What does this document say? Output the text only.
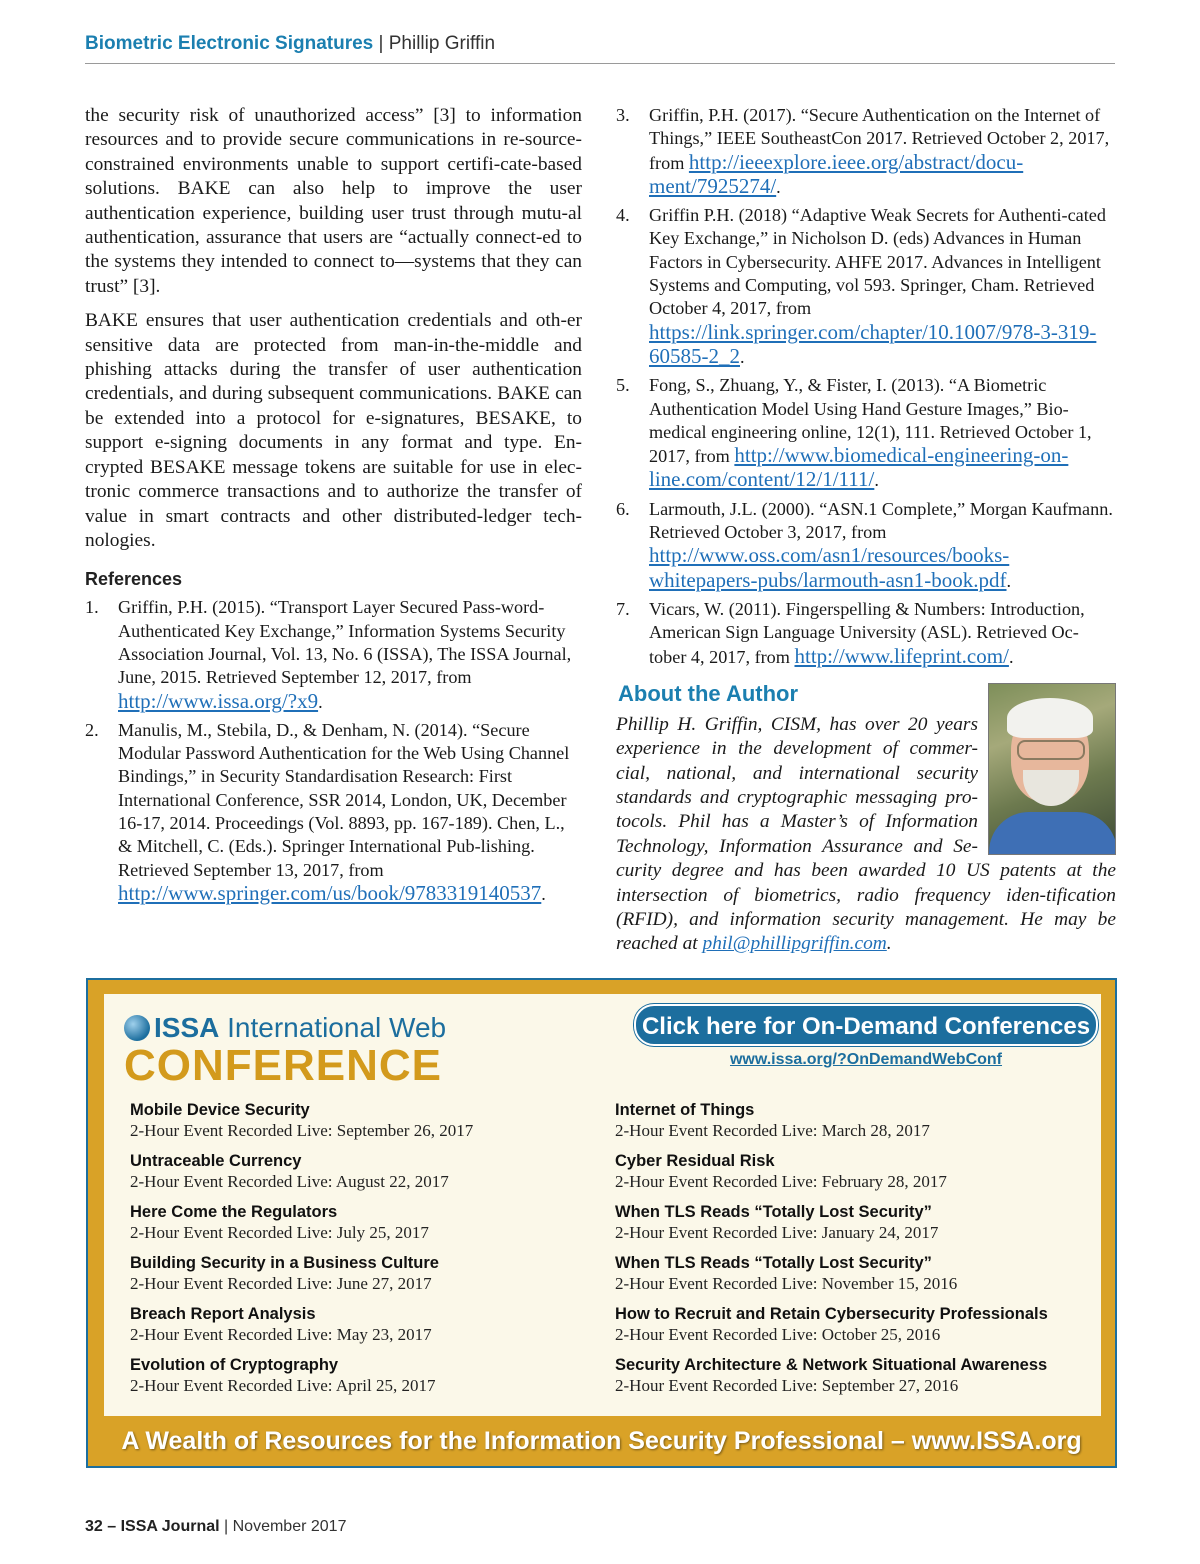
Biometric Electronic Signatures | Phillip Griffin

the security risk of unauthorized access” [3] to information resources and to provide secure communications in re-source-constrained environments unable to support certifi-cate-based solutions. BAKE can also help to improve the user authentication experience, building user trust through mutu-al authentication, assurance that users are “actually connect-ed to the systems they intended to connect to—systems that they can trust” [3].

BAKE ensures that user authentication credentials and oth-er sensitive data are protected from man-in-the-middle and phishing attacks during the transfer of user authentication credentials, and during subsequent communications. BAKE can be extended into a protocol for e-signatures, BESAKE, to support e-signing documents in any format and type. En-crypted BESAKE message tokens are suitable for use in elec-tronic commerce transactions and to authorize the transfer of value in smart contracts and other distributed-ledger tech-nologies.

References
1. Griffin, P.H. (2015). “Transport Layer Secured Pass-word-Authenticated Key Exchange,” Information Systems Security Association Journal, Vol. 13, No. 6 (ISSA), The ISSA Journal, June, 2015. Retrieved September 12, 2017, from http://www.issa.org/?x9.
2. Manulis, M., Stebila, D., & Denham, N. (2014). “Secure Modular Password Authentication for the Web Using Channel Bindings,” in Security Standardisation Research: First International Conference, SSR 2014, London, UK, December 16-17, 2014. Proceedings (Vol. 8893, pp. 167-189). Chen, L., & Mitchell, C. (Eds.). Springer International Pub-lishing. Retrieved September 13, 2017, from http://www.springer.com/us/book/9783319140537.
3. Griffin, P.H. (2017). “Secure Authentication on the Internet of Things,” IEEE SoutheastCon 2017. Retrieved October 2, 2017, from http://ieeexplore.ieee.org/abstract/docu-ment/7925274/.
4. Griffin P.H. (2018) “Adaptive Weak Secrets for Authenti-cated Key Exchange,” in Nicholson D. (eds) Advances in Human Factors in Cybersecurity. AHFE 2017. Advances in Intelligent Systems and Computing, vol 593. Springer, Cham. Retrieved October 4, 2017, from https://link.springer.com/chapter/10.1007/978-3-319-60585-2_2.
5. Fong, S., Zhuang, Y., & Fister, I. (2013). “A Biometric Authentication Model Using Hand Gesture Images,” Bio-medical engineering online, 12(1), 111. Retrieved October 1, 2017, from http://www.biomedical-engineering-on-line.com/content/12/1/111/.
6. Larmouth, J.L. (2000). “ASN.1 Complete,” Morgan Kaufmann. Retrieved October 3, 2017, from http://www.oss.com/asn1/resources/books-whitepapers-pubs/larmouth-asn1-book.pdf.
7. Vicars, W. (2011). Fingerspelling & Numbers: Introduction, American Sign Language University (ASL). Retrieved Oc-tober 4, 2017, from http://www.lifeprint.com/.
About the Author

Phillip H. Griffin, CISM, has over 20 years experience in the development of commer-cial, national, and international security standards and cryptographic messaging pro-tocols. Phil has a Master’s of Information Technology, Information Assurance and Se-curity degree and has been awarded 10 US patents at the intersection of biometrics, radio frequency iden-tification (RFID), and information security management. He may be reached at phil@phillipgriffin.com.

ISSA International Web
CONFERENCE
Click here for On-Demand Conferences
www.issa.org/?OnDemandWebConf
Mobile Device Security
2-Hour Event Recorded Live: September 26, 2017
Untraceable Currency
2-Hour Event Recorded Live: August 22, 2017
Here Come the Regulators
2-Hour Event Recorded Live: July 25, 2017
Building Security in a Business Culture
2-Hour Event Recorded Live: June 27, 2017
Breach Report Analysis
2-Hour Event Recorded Live: May 23, 2017
Evolution of Cryptography
2-Hour Event Recorded Live: April 25, 2017
Internet of Things
2-Hour Event Recorded Live: March 28, 2017
Cyber Residual Risk
2-Hour Event Recorded Live: February 28, 2017
When TLS Reads “Totally Lost Security”
2-Hour Event Recorded Live: January 24, 2017
When TLS Reads “Totally Lost Security”
2-Hour Event Recorded Live: November 15, 2016
How to Recruit and Retain Cybersecurity Professionals
2-Hour Event Recorded Live: October 25, 2016
Security Architecture & Network Situational Awareness
2-Hour Event Recorded Live: September 27, 2016
A Wealth of Resources for the Information Security Professional – www.ISSA.org
32 – ISSA Journal | November 2017
